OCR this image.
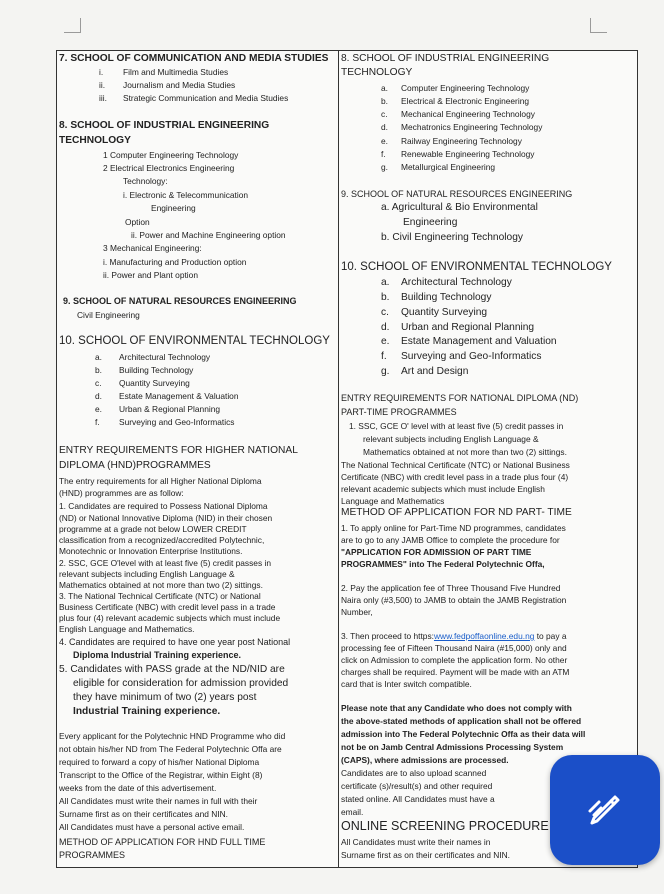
7. SCHOOL OF COMMUNICATION AND MEDIA STUDIES
i. Film and Multimedia Studies
ii. Journalism and Media Studies
iii. Strategic Communication and Media Studies
8. SCHOOL OF INDUSTRIAL ENGINEERING
TECHNOLOGY
1 Computer Engineering Technology
2 Electrical Electronics Engineering
Technology:
i. Electronic & Telecommunication
Engineering
Option
ii. Power and Machine Engineering option
3 Mechanical Engineering:
i. Manufacturing and Production option
ii. Power and Plant option
9. SCHOOL OF NATURAL RESOURCES ENGINEERING
Civil Engineering
10. SCHOOL OF ENVIRONMENTAL TECHNOLOGY
a. Architectural Technology
b. Building Technology
c. Quantity Surveying
d. Estate Management & Valuation
e. Urban & Regional Planning
f. Surveying and Geo-Informatics
ENTRY REQUIREMENTS FOR HIGHER NATIONAL
DIPLOMA (HND)PROGRAMMES
The entry requirements for all Higher National Diploma
(HND) programmes are as follow:
1. Candidates are required to Possess National Diploma
(ND) or National Innovative Diploma (NID) in their chosen
programme at a grade not below LOWER CREDIT
classification from a recognized/accredited Polytechnic,
Monotechnic or Innovation Enterprise Institutions.
2. SSC, GCE O'level with at least five (5) credit passes in
relevant subjects including English Language &
Mathematics obtained at not more than two (2) sittings.
3. The National Technical Certificate (NTC) or National
Business Certificate (NBC) with credit level pass in a trade
plus four (4) relevant academic subjects which must include
English Language and Mathematics.
4. Candidates are required to have one year post National
Diploma Industrial Training experience.
5. Candidates with PASS grade at the ND/NID are
eligible for consideration for admission provided
they have minimum of two (2) years post
Industrial Training experience.
Every applicant for the Polytechnic HND Programme who did
not obtain his/her ND from The Federal Polytechnic Offa are
required to forward a copy of his/her National Diploma
Transcript to the Office of the Registrar, within Eight (8)
weeks from the date of this advertisement.
All Candidates must write their names in full with their
Surname first as on their certificates and NIN.
All Candidates must have a personal active email.
METHOD OF APPLICATION FOR HND FULL TIME
PROGRAMMES
8. SCHOOL OF INDUSTRIAL ENGINEERING
TECHNOLOGY
a. Computer Engineering Technology
b. Electrical & Electronic Engineering
c. Mechanical Engineering Technology
d. Mechatronics Engineering Technology
e. Railway Engineering Technology
f. Renewable Engineering Technology
g. Metallurgical Engineering
9. SCHOOL OF NATURAL RESOURCES ENGINEERING
a. Agricultural & Bio Environmental
Engineering
b. Civil Engineering Technology
10. SCHOOL OF ENVIRONMENTAL TECHNOLOGY
a. Architectural Technology
b. Building Technology
c. Quantity Surveying
d. Urban and Regional Planning
e. Estate Management and Valuation
f. Surveying and Geo-Informatics
g. Art and Design
ENTRY REQUIREMENTS FOR NATIONAL DIPLOMA (ND)
PART-TIME PROGRAMMES
1. SSC, GCE O' level with at least five (5) credit passes in
relevant subjects including English Language &
Mathematics obtained at not more than two (2) sittings.
The National Technical Certificate (NTC) or National Business
Certificate (NBC) with credit level pass in a trade plus four (4)
relevant academic subjects which must include English
Language and Mathematics
METHOD OF APPLICATION FOR ND PART- TIME
1. To apply online for Part-Time ND programmes, candidates
are to go to any JAMB Office to complete the procedure for
"APPLICATION FOR ADMISSION OF PART TIME
PROGRAMMES" into The Federal Polytechnic Offa,
2. Pay the application fee of Three Thousand Five Hundred
Naira only (#3,500) to JAMB to obtain the JAMB Registration
Number,
3. Then proceed to https:www.fedpoffaonline.edu.ng to pay a
processing fee of Fifteen Thousand Naira (#15,000) only and
click on Admission to complete the application form. No other
charges shall be required. Payment will be made with an ATM
card that is Inter switch compatible.
Please note that any Candidate who does not comply with
the above-stated methods of application shall not be offered
admission into The Federal Polytechnic Offa as their data will
not be on Jamb Central Admissions Processing System
(CAPS), where admissions are processed.
Candidates are to also upload scanned
certificate (s)/result(s) and other required
stated online. All Candidates must have a
email.
ONLINE SCREENING PROCEDURE
All Candidates must write their names in
Surname first as on their certificates and NIN.
